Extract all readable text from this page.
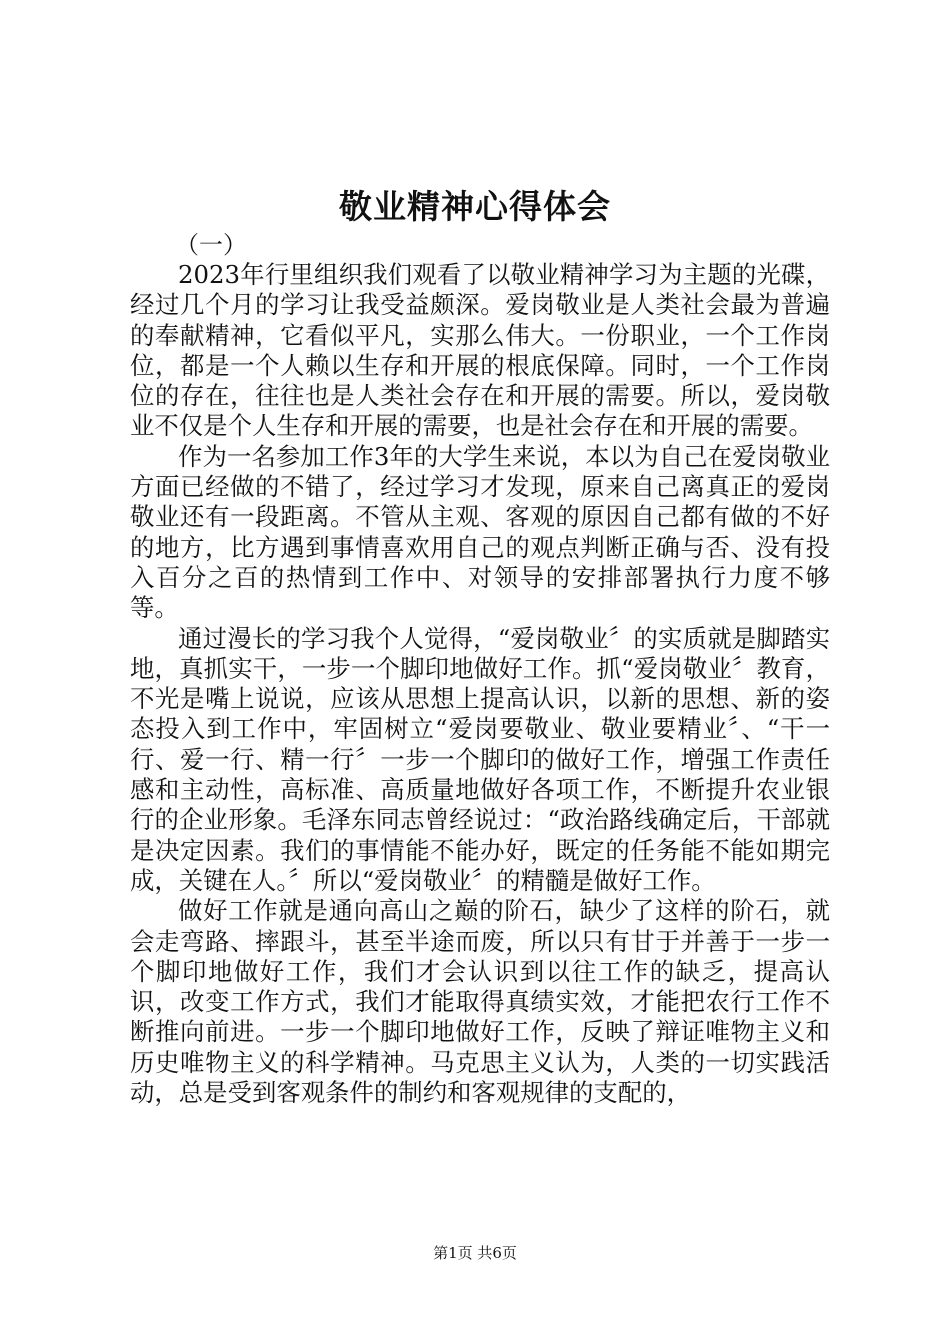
敬业精神心得体会

（一）

2023年行里组织我们观看了以敬业精神学习为主题的光碟，经过几个月的学习让我受益颇深。爱岗敬业是人类社会最为普遍的奉献精神，它看似平凡，实那么伟大。一份职业，一个工作岗位，都是一个人赖以生存和开展的根底保障。同时，一个工作岗位的存在，往往也是人类社会存在和开展的需要。所以，爱岗敬业不仅是个人生存和开展的需要，也是社会存在和开展的需要。

作为一名参加工作3年的大学生来说，本以为自己在爱岗敬业方面已经做的不错了，经过学习才发现，原来自己离真正的爱岗敬业还有一段距离。不管从主观、客观的原因自己都有做的不好的地方，比方遇到事情喜欢用自己的观点判断正确与否、没有投入百分之百的热情到工作中、对领导的安排部署执行力度不够等。

通过漫长的学习我个人觉得，“爱岗敬业〞的实质就是脚踏实地，真抓实干，一步一个脚印地做好工作。抓“爱岗敬业〞教育，不光是嘴上说说，应该从思想上提高认识，以新的思想、新的姿态投入到工作中，牢固树立“爱岗要敬业、敬业要精业〞、“干一行、爱一行、精一行〞一步一个脚印的做好工作，增强工作责任感和主动性，高标准、高质量地做好各项工作，不断提升农业银行的企业形象。毛泽东同志曾经说过：“政治路线确定后，干部就是决定因素。我们的事情能不能办好，既定的任务能不能如期完成，关键在人。〞所以“爱岗敬业〞的精髓是做好工作。

做好工作就是通向高山之巅的阶石，缺少了这样的阶石，就会走弯路、摔跟斗，甚至半途而废，所以只有甘于并善于一步一个脚印地做好工作，我们才会认识到以往工作的缺乏，提高认识，改变工作方式，我们才能取得真绩实效，才能把农行工作不断推向前进。一步一个脚印地做好工作，反映了辩证唯物主义和历史唯物主义的科学精神。马克思主义认为，人类的一切实践活动，总是受到客观条件的制约和客观规律的支配的，

第1页 共6页
